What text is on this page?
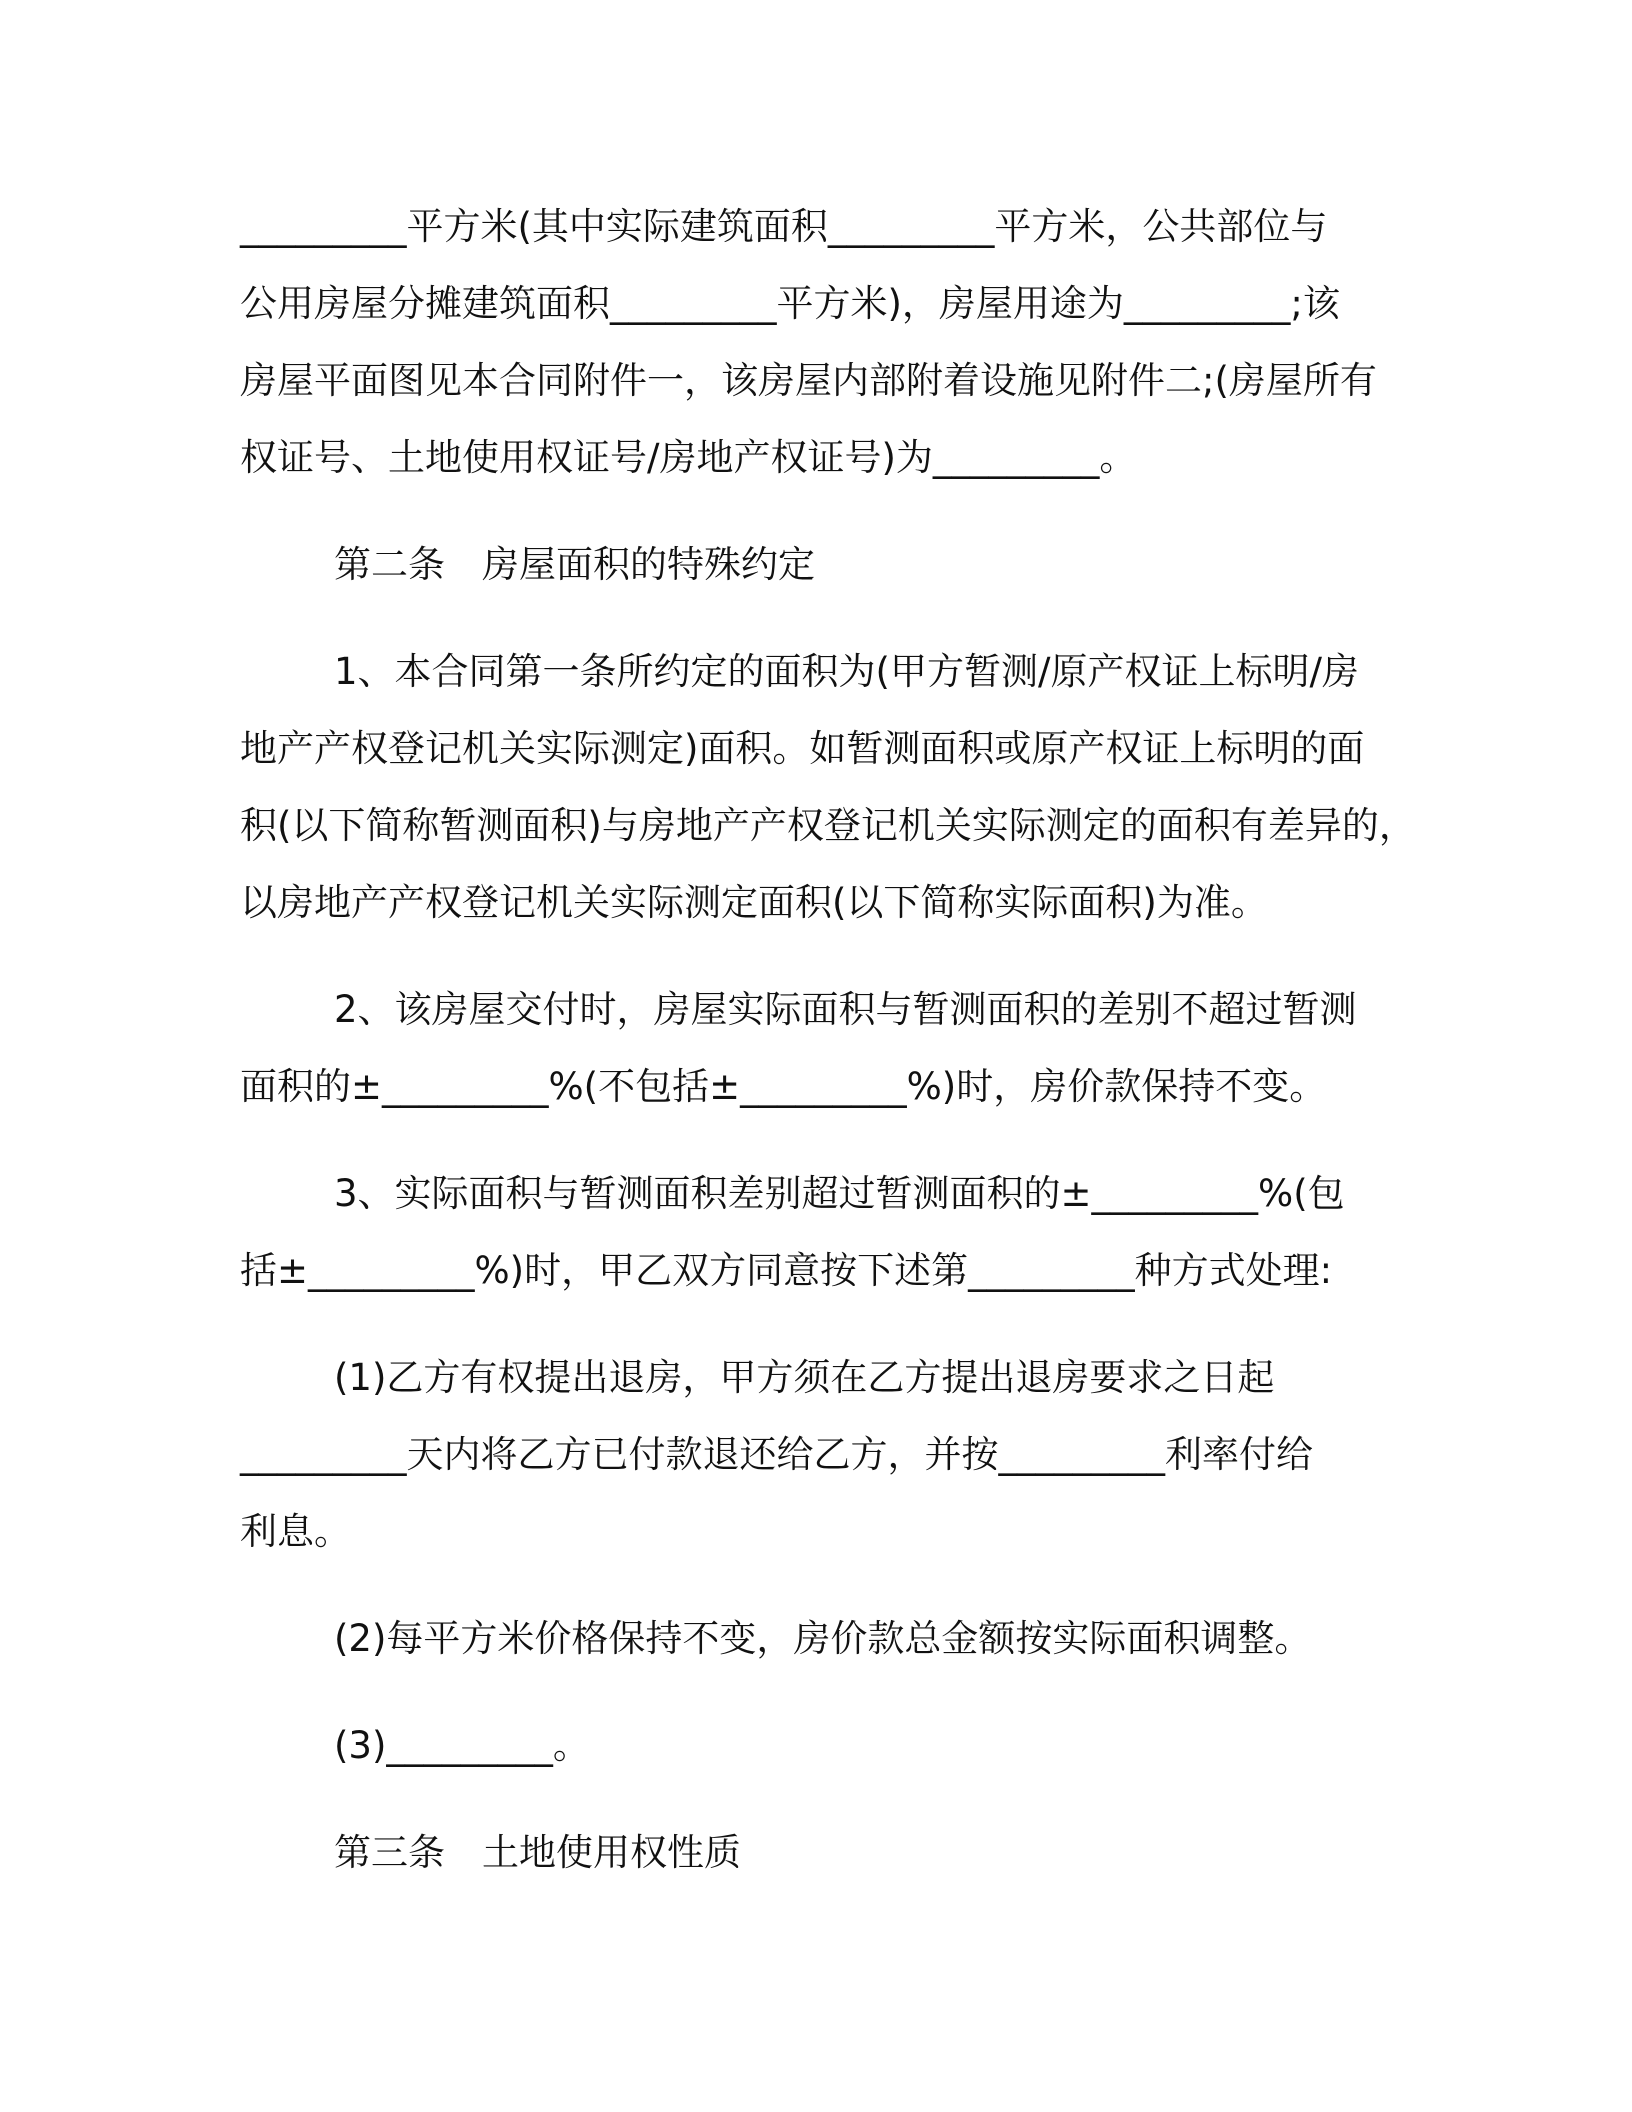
_________平方米(其中实际建筑面积_________平方米，公共部位与
公用房屋分摊建筑面积_________平方米)，房屋用途为_________;该
房屋平面图见本合同附件一，该房屋内部附着设施见附件二;(房屋所有
权证号、土地使用权证号/房地产权证号)为_________。
第二条　房屋面积的特殊约定
1、本合同第一条所约定的面积为(甲方暂测/原产权证上标明/房
地产产权登记机关实际测定)面积。如暂测面积或原产权证上标明的面
积(以下简称暂测面积)与房地产产权登记机关实际测定的面积有差异的，
以房地产产权登记机关实际测定面积(以下简称实际面积)为准。
2、该房屋交付时，房屋实际面积与暂测面积的差别不超过暂测
面积的±_________%(不包括±_________%)时，房价款保持不变。
3、实际面积与暂测面积差别超过暂测面积的±_________%(包
括±_________%)时，甲乙双方同意按下述第_________种方式处理:
(1)乙方有权提出退房，甲方须在乙方提出退房要求之日起
_________天内将乙方已付款退还给乙方，并按_________利率付给
利息。
(2)每平方米价格保持不变，房价款总金额按实际面积调整。
(3)_________。
第三条　土地使用权性质
